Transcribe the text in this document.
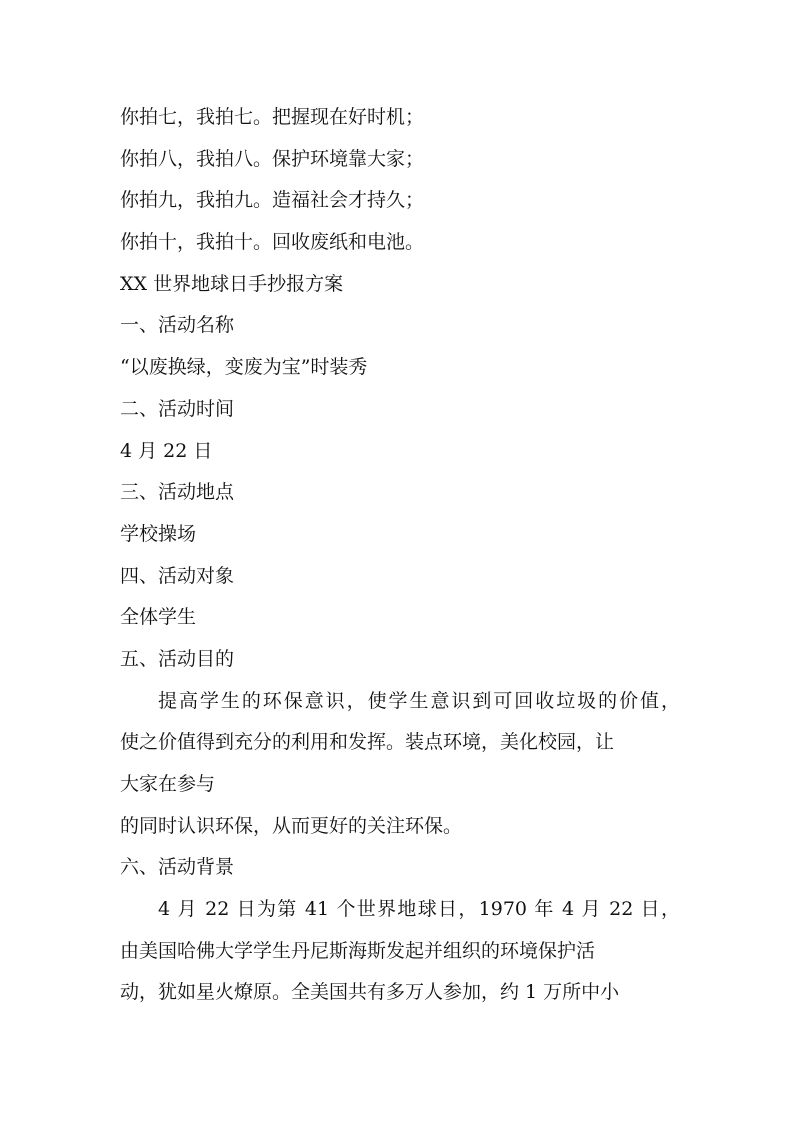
你拍七，我拍七。把握现在好时机；
你拍八，我拍八。保护环境靠大家；
你拍九，我拍九。造福社会才持久；
你拍十，我拍十。回收废纸和电池。
XX 世界地球日手抄报方案
一、活动名称
“以废换绿，变废为宝”时装秀
二、活动时间
4 月 22 日
三、活动地点
学校操场
四、活动对象
全体学生
五、活动目的
提高学生的环保意识，使学生意识到可回收垃圾的价值，
使之价值得到充分的利用和发挥。装点环境，美化校园，让
大家在参与
的同时认识环保，从而更好的关注环保。
六、活动背景
4 月 22 日为第 41 个世界地球日，1970 年 4 月 22 日，
由美国哈佛大学学生丹尼斯海斯发起并组织的环境保护活
动，犹如星火燎原。全美国共有多万人参加，约 1 万所中小
